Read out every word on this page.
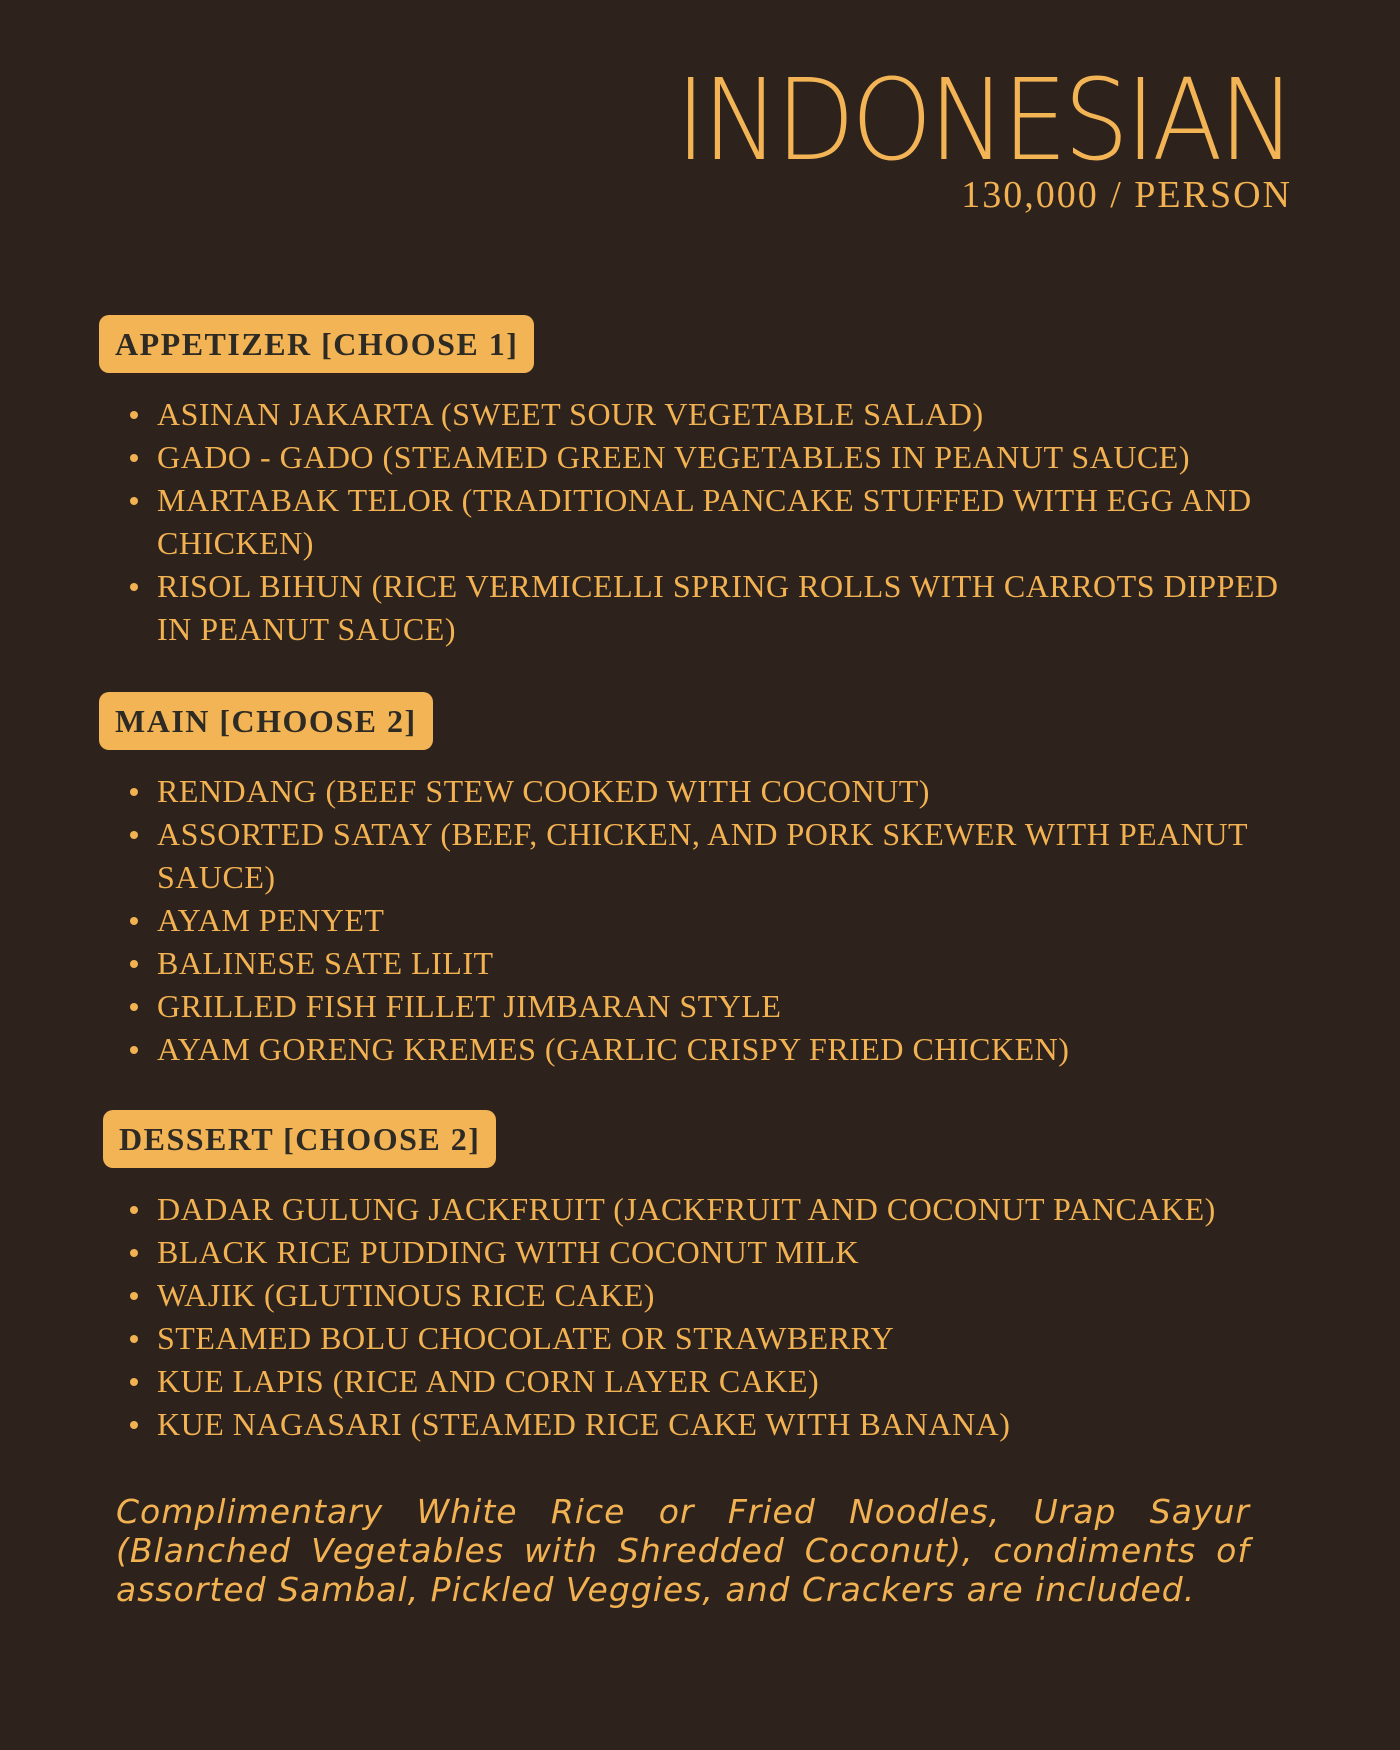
INDONESIAN
130,000 / PERSON
APPETIZER [CHOOSE 1]
ASINAN JAKARTA (SWEET SOUR VEGETABLE SALAD)
GADO - GADO (STEAMED GREEN VEGETABLES IN PEANUT SAUCE)
MARTABAK TELOR (TRADITIONAL PANCAKE STUFFED WITH EGG AND CHICKEN)
RISOL BIHUN (RICE VERMICELLI SPRING ROLLS WITH CARROTS DIPPED IN PEANUT SAUCE)
MAIN [CHOOSE 2]
RENDANG (BEEF STEW COOKED WITH COCONUT)
ASSORTED SATAY (BEEF, CHICKEN, AND PORK SKEWER WITH PEANUT SAUCE)
AYAM PENYET
BALINESE SATE LILIT
GRILLED FISH FILLET JIMBARAN STYLE
AYAM GORENG KREMES (GARLIC CRISPY FRIED CHICKEN)
DESSERT [CHOOSE 2]
DADAR GULUNG JACKFRUIT (JACKFRUIT AND COCONUT PANCAKE)
BLACK RICE PUDDING WITH COCONUT MILK
WAJIK (GLUTINOUS RICE CAKE)
STEAMED BOLU CHOCOLATE OR STRAWBERRY
KUE LAPIS (RICE AND CORN LAYER CAKE)
KUE NAGASARI (STEAMED RICE CAKE WITH BANANA)
Complimentary White Rice or Fried Noodles, Urap Sayur (Blanched Vegetables with Shredded Coconut), condiments of assorted Sambal, Pickled Veggies, and Crackers are included.
